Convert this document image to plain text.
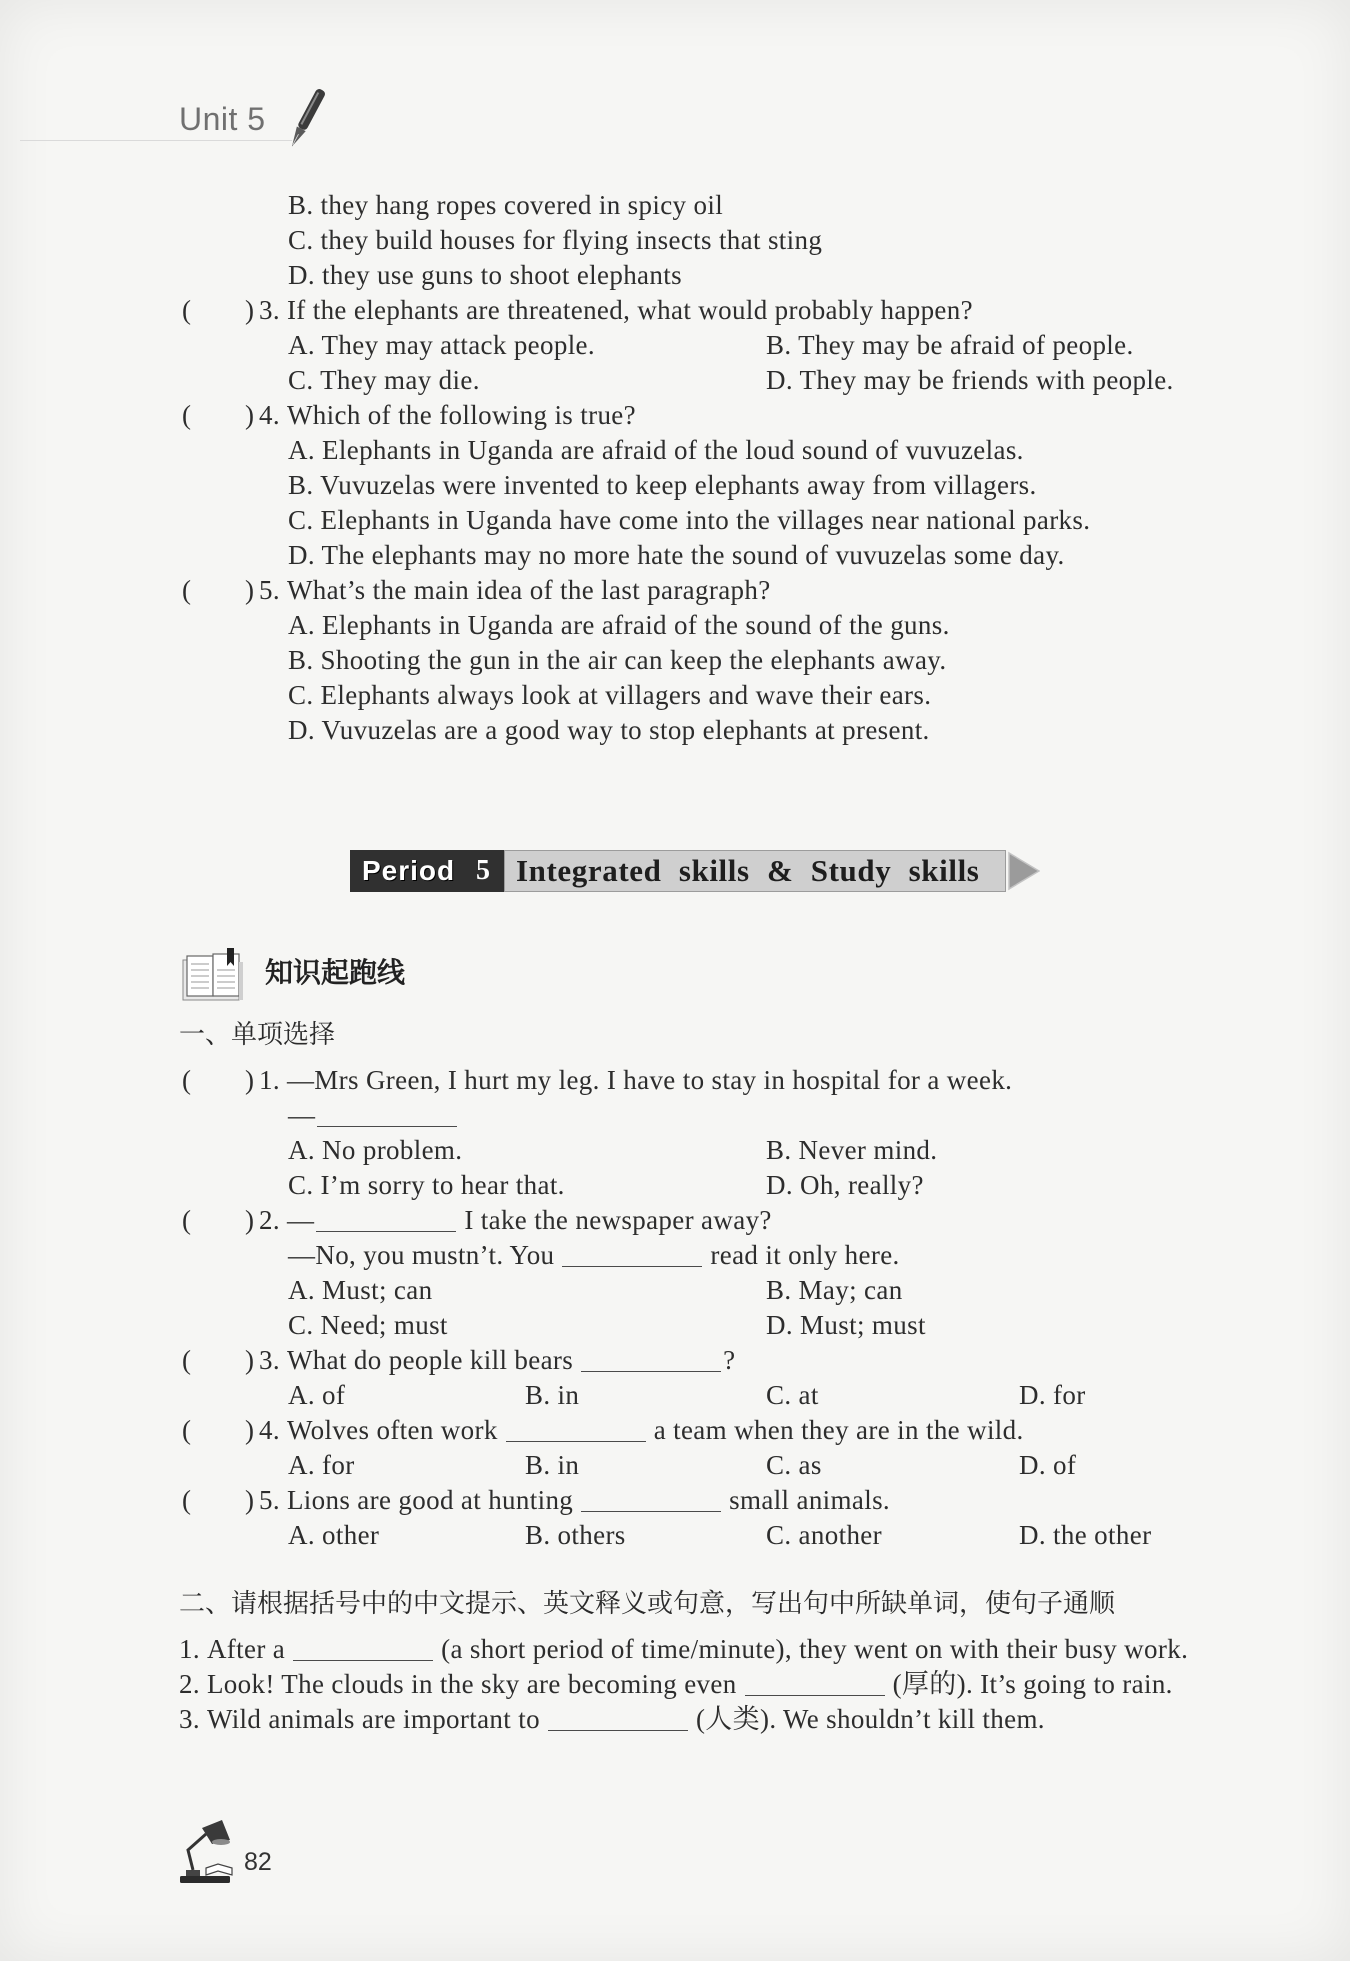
Unit 5
B. they hang ropes covered in spicy oil
C. they build houses for flying insects that sting
D. they use guns to shoot elephants
( ) 3. If the elephants are threatened, what would probably happen?
A. They may attack people.	B. They may be afraid of people.
C. They may die.	D. They may be friends with people.
( ) 4. Which of the following is true?
A. Elephants in Uganda are afraid of the loud sound of vuvuzelas.
B. Vuvuzelas were invented to keep elephants away from villagers.
C. Elephants in Uganda have come into the villages near national parks.
D. The elephants may no more hate the sound of vuvuzelas some day.
( ) 5. What’s the main idea of the last paragraph?
A. Elephants in Uganda are afraid of the sound of the guns.
B. Shooting the gun in the air can keep the elephants away.
C. Elephants always look at villagers and wave their ears.
D. Vuvuzelas are a good way to stop elephants at present.
Period 5 Integrated skills & Study skills
知识起跑线
一、单项选择
( ) 1. —Mrs Green, I hurt my leg. I have to stay in hospital for a week.
—
A. No problem.	B. Never mind.
C. I’m sorry to hear that.	D. Oh, really?
( ) 2. —	I take the newspaper away?
—No, you mustn’t. You	read it only here.
A. Must; can	B. May; can
C. Need; must	D. Must; must
( ) 3. What do people kill bears	?
A. of	B. in	C. at	D. for
( ) 4. Wolves often work	a team when they are in the wild.
A. for	B. in	C. as	D. of
( ) 5. Lions are good at hunting	small animals.
A. other	B. others	C. another	D. the other
二、请根据括号中的中文提示、英文释义或句意，写出句中所缺单词，使句子通顺
1. After a	(a short period of time/minute), they went on with their busy work.
2. Look! The clouds in the sky are becoming even	(厚的). It’s going to rain.
3. Wild animals are important to	(人类). We shouldn’t kill them.
82
